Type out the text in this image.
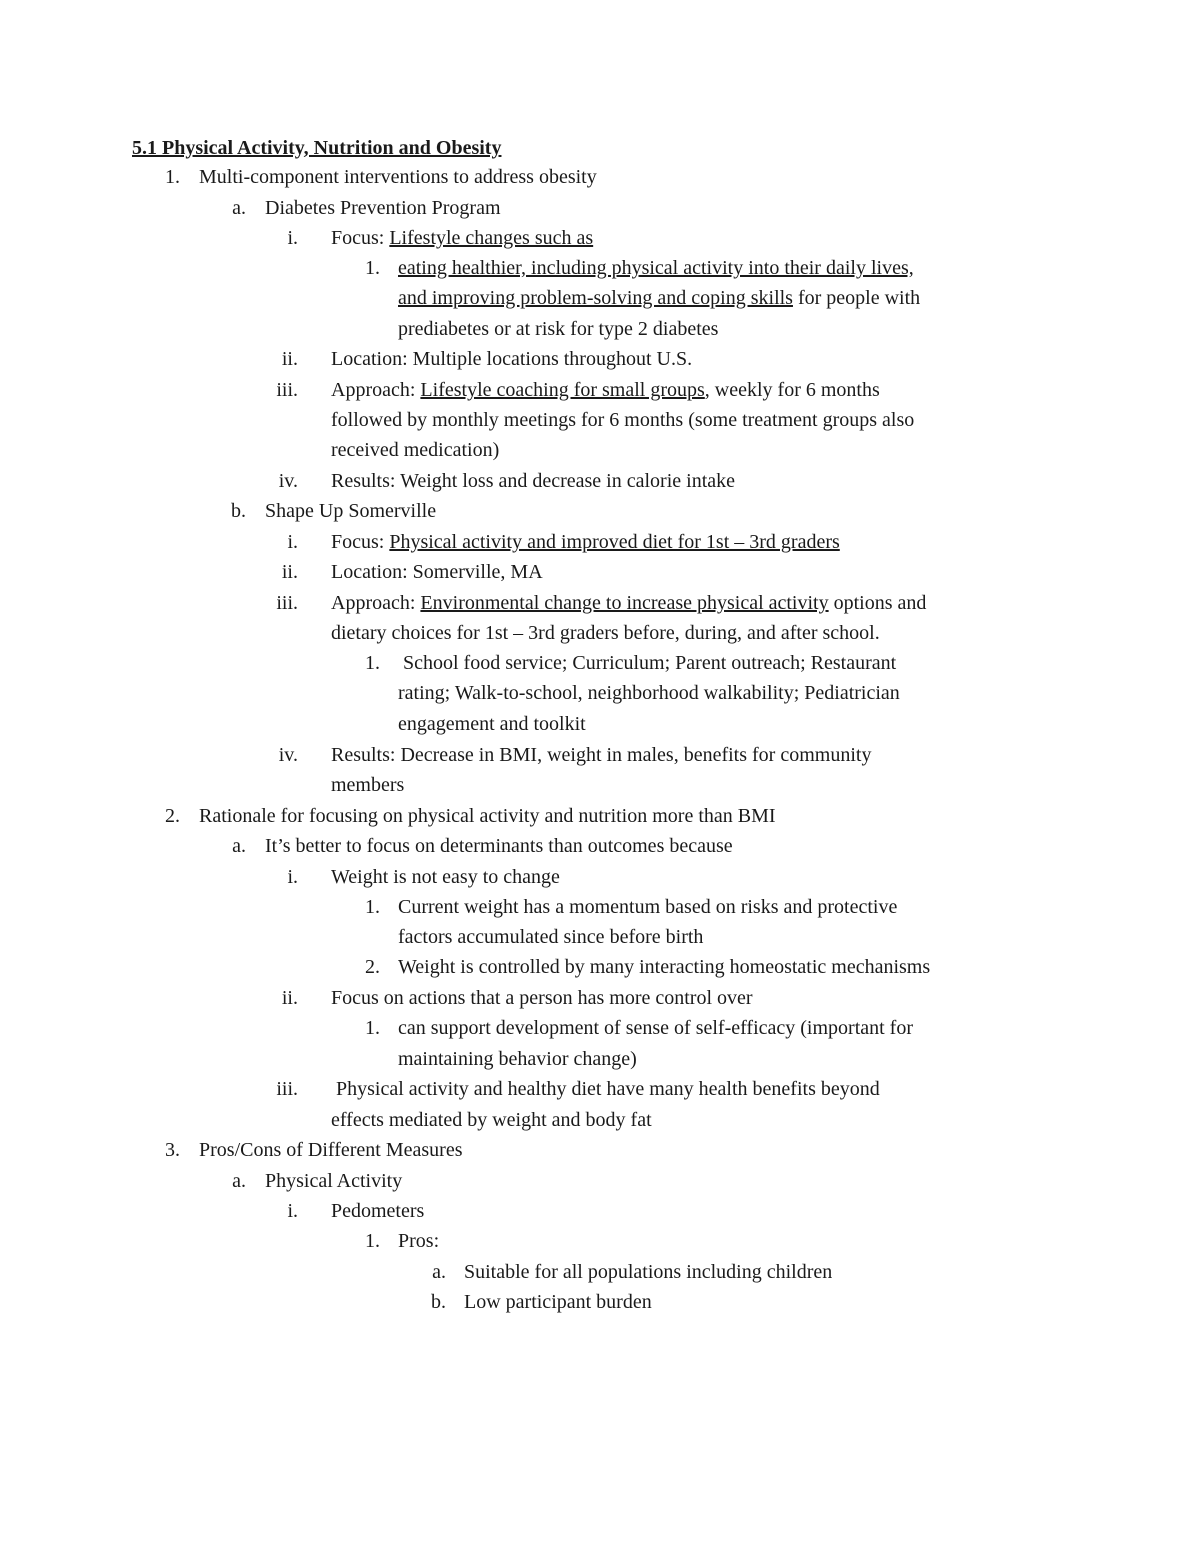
5.1 Physical Activity, Nutrition and Obesity
1. Multi-component interventions to address obesity
a. Diabetes Prevention Program
i. Focus: Lifestyle changes such as
1. eating healthier, including physical activity into their daily lives,
and improving problem-solving and coping skills for people with
prediabetes or at risk for type 2 diabetes
ii. Location: Multiple locations throughout U.S.
iii. Approach: Lifestyle coaching for small groups, weekly for 6 months
followed by monthly meetings for 6 months (some treatment groups also
received medication)
iv. Results: Weight loss and decrease in calorie intake
b. Shape Up Somerville
i. Focus: Physical activity and improved diet for 1st – 3rd graders
ii. Location: Somerville, MA
iii. Approach: Environmental change to increase physical activity options and
dietary choices for 1st – 3rd graders before, during, and after school.
1. School food service; Curriculum; Parent outreach; Restaurant
rating; Walk-to-school, neighborhood walkability; Pediatrician
engagement and toolkit
iv. Results: Decrease in BMI, weight in males, benefits for community
members
2. Rationale for focusing on physical activity and nutrition more than BMI
a. It’s better to focus on determinants than outcomes because
i. Weight is not easy to change
1. Current weight has a momentum based on risks and protective
factors accumulated since before birth
2. Weight is controlled by many interacting homeostatic mechanisms
ii. Focus on actions that a person has more control over
1. can support development of sense of self-efficacy (important for
maintaining behavior change)
iii. Physical activity and healthy diet have many health benefits beyond
effects mediated by weight and body fat
3. Pros/Cons of Different Measures
a. Physical Activity
i. Pedometers
1. Pros:
a. Suitable for all populations including children
b. Low participant burden
